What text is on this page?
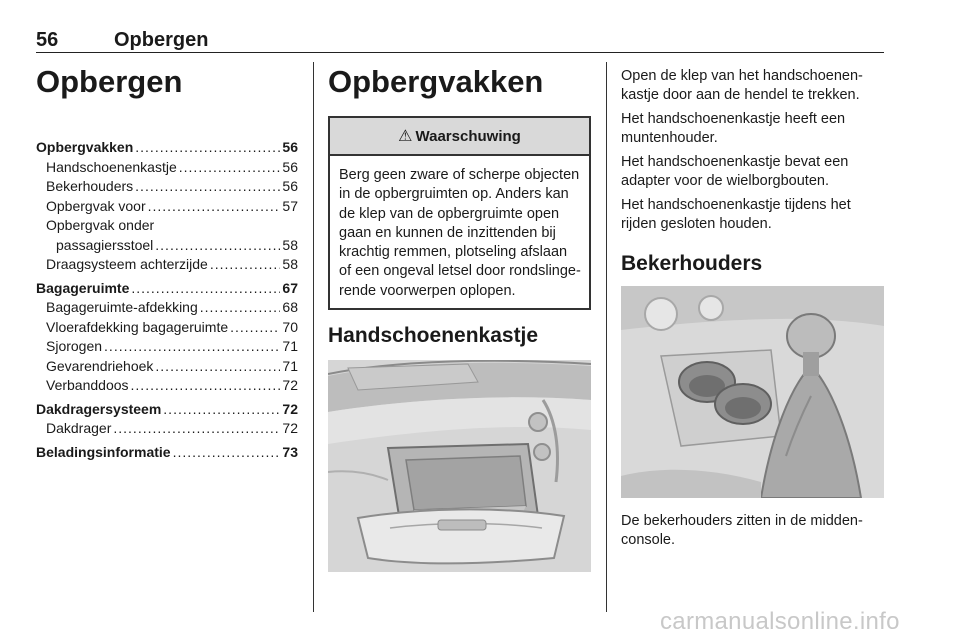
56	Opbergen
Opbergen
Opbergvakken .....	56
Handschoenenkastje .....	56
Bekerhouders .....	56
Opbergvak voor .....	57
Opbergvak onder
passagiersstoel .....	58
Draagsysteem achterzijde .....	58
Bagageruimte .....	67
Bagageruimte-afdekking .....	68
Vloerafdekking bagageruimte .....	70
Sjorogen .....	71
Gevarendriehoek .....	71
Verbanddoos .....	72
Dakdragersysteem .....	72
Dakdrager .....	72
Beladingsinformatie .....	73
Opbergvakken
⚠ Waarschuwing
Berg geen zware of scherpe objecten in de opbergruimten op. Anders kan de klep van de opbergruimte open gaan en kunnen de inzittenden bij krachtig remmen, plotseling afslaan of een ongeval letsel door rondslingerende voorwerpen oplopen.
Handschoenenkastje

Open de klep van het handschoenenkastje door aan de hendel te trekken.

Het handschoenenkastje heeft een muntenhouder.

Het handschoenenkastje bevat een adapter voor de wielborgbouten.

Het handschoenenkastje tijdens het rijden gesloten houden.

Bekerhouders

De bekerhouders zitten in de middenconsole.

carmanualsonline.info
